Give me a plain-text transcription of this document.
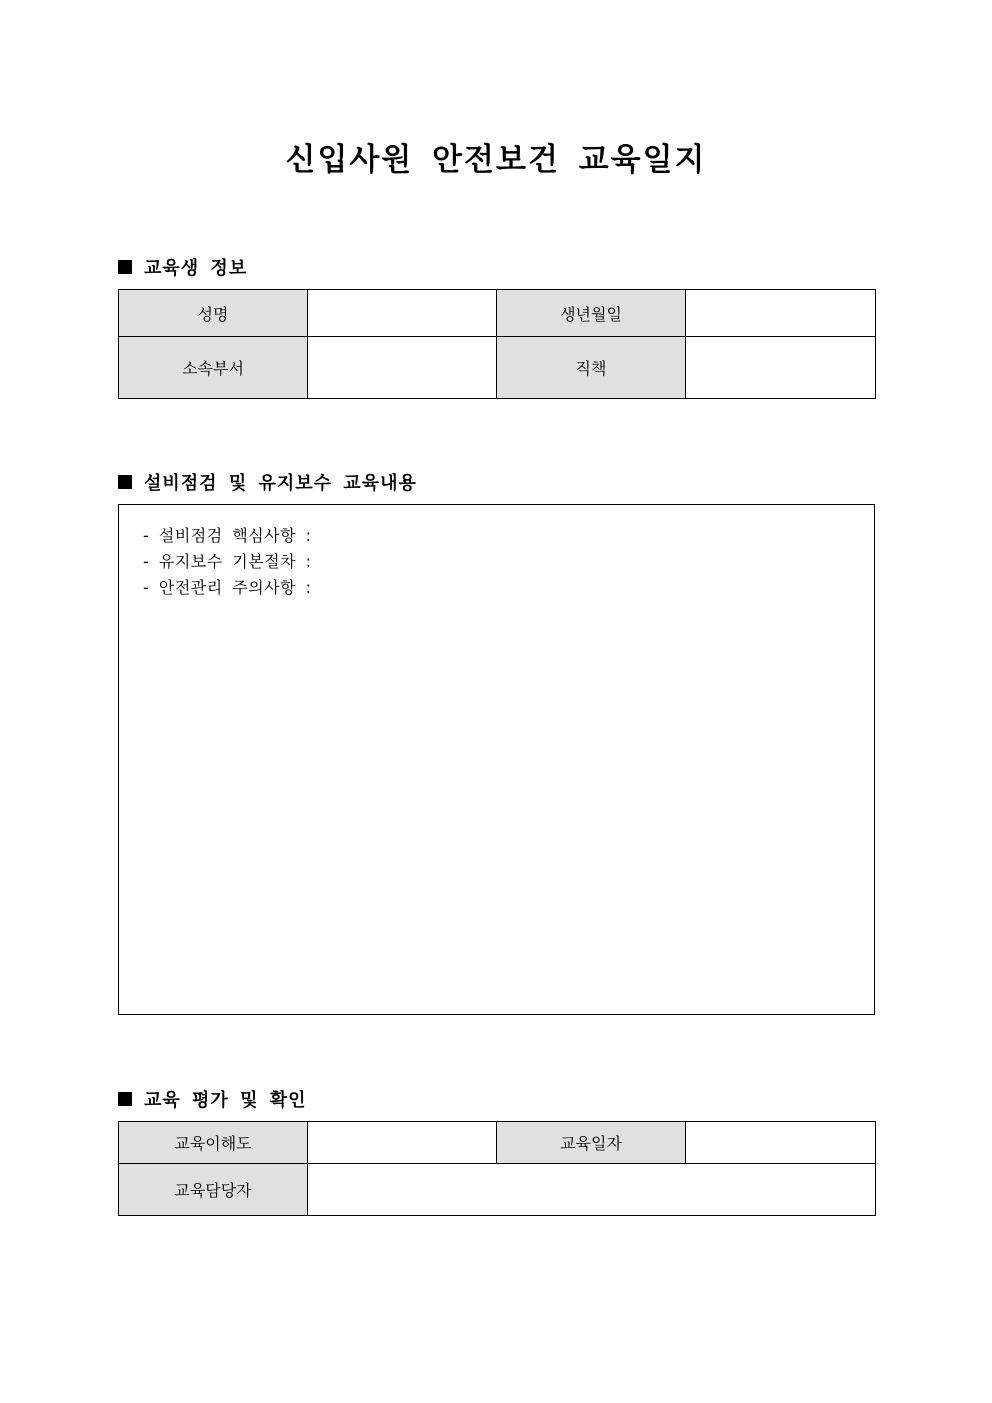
신입사원 안전보건 교육일지
교육생 정보
성명		생년월일	
소속부서		직책	
설비점검 및 유지보수 교육내용
- 설비점검 핵심사항 :
- 유지보수 기본절차 :
- 안전관리 주의사항 :
교육 평가 및 확인
교육이해도		교육일자	
교육담당자			
